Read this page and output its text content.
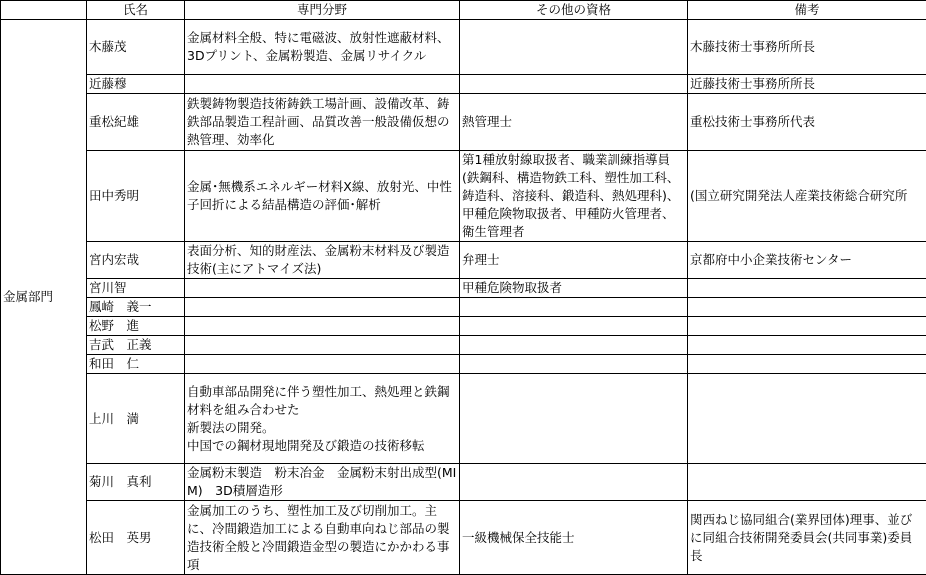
	氏名	専門分野	その他の資格	備考
金属部門	木藤茂	金属材料全般、特に電磁波、放射性遮蔽材料、3Dプリント、金属粉製造、金属リサイクル		木藤技術士事務所所長
	近藤穆			近藤技術士事務所所長
	重松紀雄	鉄製鋳物製造技術鋳鉄工場計画、設備改革、鋳鉄部品製造工程計画、品質改善一般設備仮想の熱管理、効率化	熱管理士	重松技術士事務所代表
	田中秀明	金属･無機系エネルギー材料X線、放射光、中性子回折による結晶構造の評価･解析	第1種放射線取扱者、職業訓練指導員(鉄鋼科、構造物鉄工科、塑性加工科、鋳造科、溶接科、鍛造科、熱処理科)、甲種危険物取扱者、甲種防火管理者、衛生管理者	(国立研究開発法人産業技術総合研究所
	宮内宏哉	表面分析、知的財産法、金属粉末材料及び製造技術(主にアトマイズ法)	弁理士	京都府中小企業技術センター
	宮川智		甲種危険物取扱者	
	鳳崎　義一			
	松野　進			
	吉武　正義			
	和田　仁			
	上川　満	自動車部品開発に伴う塑性加工、熱処理と鉄鋼材料を組み合わせた
新製法の開発。
中国での鋼材現地開発及び鍛造の技術移転		
	菊川　真利	金属粉末製造　粉末冶金　金属粉末射出成型(MIM)　3D積層造形		
	松田　英男	金属加工のうち、塑性加工及び切削加工。主に、冷間鍛造加工による自動車向ねじ部品の製造技術全般と冷間鍛造金型の製造にかかわる事項	一級機械保全技能士	関西ねじ協同組合(業界団体)理事、並びに同組合技術開発委員会(共同事業)委員長
